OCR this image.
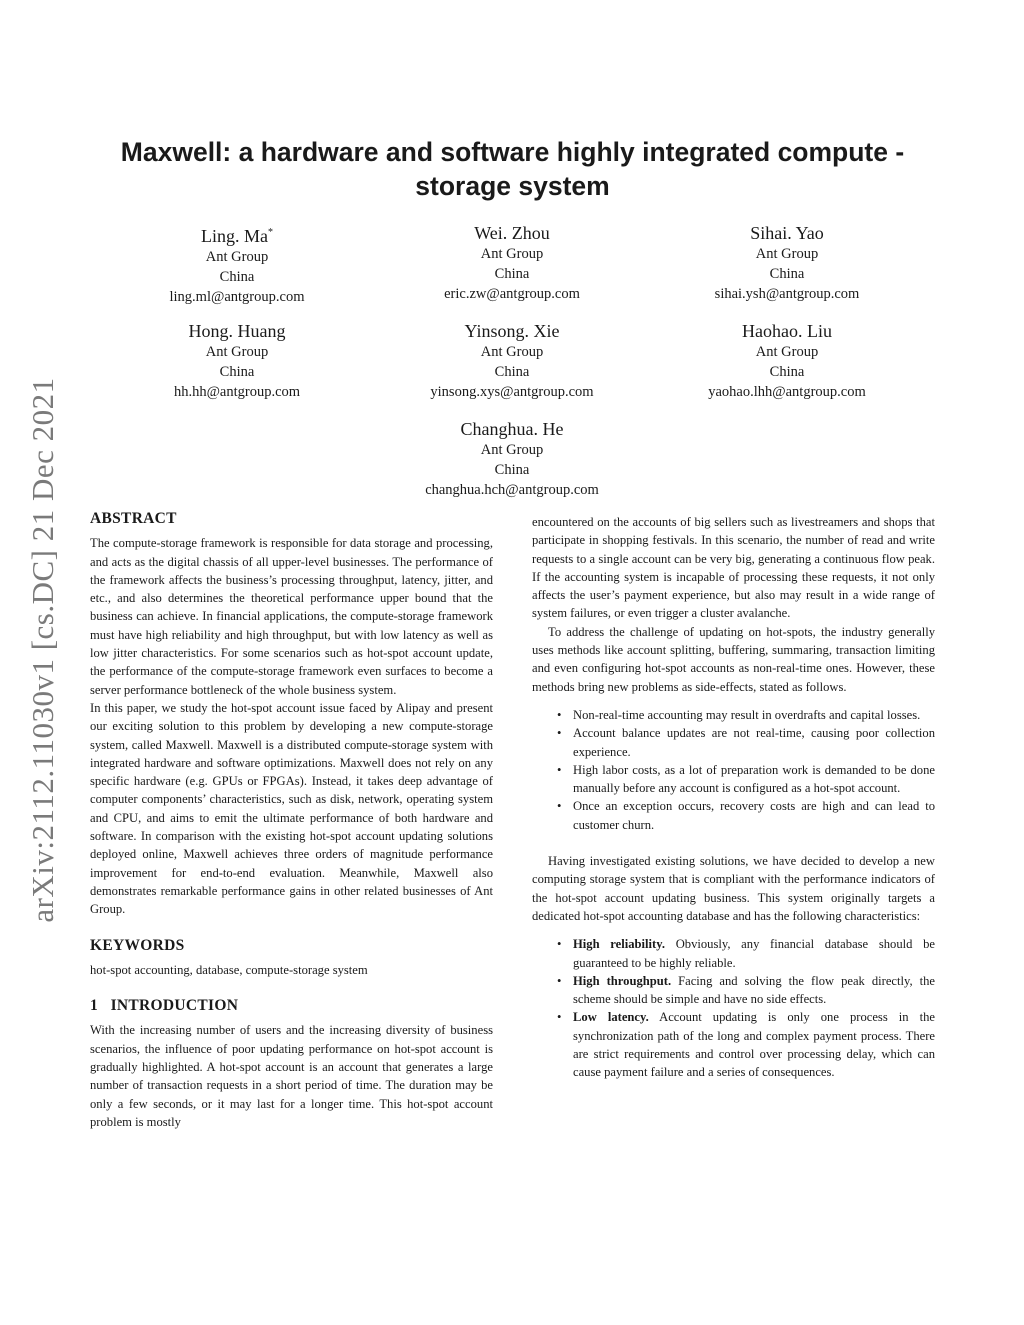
arXiv:2112.11030v1 [cs.DC] 21 Dec 2021
Maxwell: a hardware and software highly integrated compute - storage system
Ling. Ma*
Ant Group
China
ling.ml@antgroup.com
Wei. Zhou
Ant Group
China
eric.zw@antgroup.com
Sihai. Yao
Ant Group
China
sihai.ysh@antgroup.com
Hong. Huang
Ant Group
China
hh.hh@antgroup.com
Yinsong. Xie
Ant Group
China
yinsong.xys@antgroup.com
Haohao. Liu
Ant Group
China
yaohao.lhh@antgroup.com
Changhua. He
Ant Group
China
changhua.hch@antgroup.com
ABSTRACT

The compute-storage framework is responsible for data storage and processing, and acts as the digital chassis of all upper-level businesses. The performance of the framework affects the business’s processing throughput, latency, jitter, and etc., and also determines the theoretical performance upper bound that the business can achieve. In financial applications, the compute-storage framework must have high reliability and high throughput, but with low latency as well as low jitter characteristics. For some scenarios such as hot-spot account update, the performance of the compute-storage framework even surfaces to become a server performance bottleneck of the whole business system.

In this paper, we study the hot-spot account issue faced by Alipay and present our exciting solution to this problem by developing a new compute-storage system, called Maxwell. Maxwell is a distributed compute-storage system with integrated hardware and software optimizations. Maxwell does not rely on any specific hardware (e.g. GPUs or FPGAs). Instead, it takes deep advantage of computer components’ characteristics, such as disk, network, operating system and CPU, and aims to emit the ultimate performance of both hardware and software. In comparison with the existing hot-spot account updating solutions deployed online, Maxwell achieves three orders of magnitude performance improvement for end-to-end evaluation. Meanwhile, Maxwell also demonstrates remarkable performance gains in other related businesses of Ant Group.

KEYWORDS

hot-spot accounting, database, compute-storage system

1   INTRODUCTION

With the increasing number of users and the increasing diversity of business scenarios, the influence of poor updating performance on hot-spot account is gradually highlighted. A hot-spot account is an account that generates a large number of transaction requests in a short period of time. The duration may be only a few seconds, or it may last for a longer time. This hot-spot account problem is mostly

encountered on the accounts of big sellers such as livestreamers and shops that participate in shopping festivals. In this scenario, the number of read and write requests to a single account can be very big, generating a continuous flow peak. If the accounting system is incapable of processing these requests, it not only affects the user’s payment experience, but also may result in a wide range of system failures, or even trigger a cluster avalanche.

To address the challenge of updating on hot-spots, the industry generally uses methods like account splitting, buffering, summaring, transaction limiting and even configuring hot-spot accounts as non-real-time ones. However, these methods bring new problems as side-effects, stated as follows.

• Non-real-time accounting may result in overdrafts and capital losses.
• Account balance updates are not real-time, causing poor collection experience.
• High labor costs, as a lot of preparation work is demanded to be done manually before any account is configured as a hot-spot account.
• Once an exception occurs, recovery costs are high and can lead to customer churn.

Having investigated existing solutions, we have decided to develop a new computing storage system that is compliant with the performance indicators of the hot-spot account updating business. This system originally targets a dedicated hot-spot accounting database and has the following characteristics:

• High reliability. Obviously, any financial database should be guaranteed to be highly reliable.
• High throughput. Facing and solving the flow peak directly, the scheme should be simple and have no side effects.
• Low latency. Account updating is only one process in the synchronization path of the long and complex payment process. There are strict requirements and control over processing delay, which can cause payment failure and a series of consequences.
